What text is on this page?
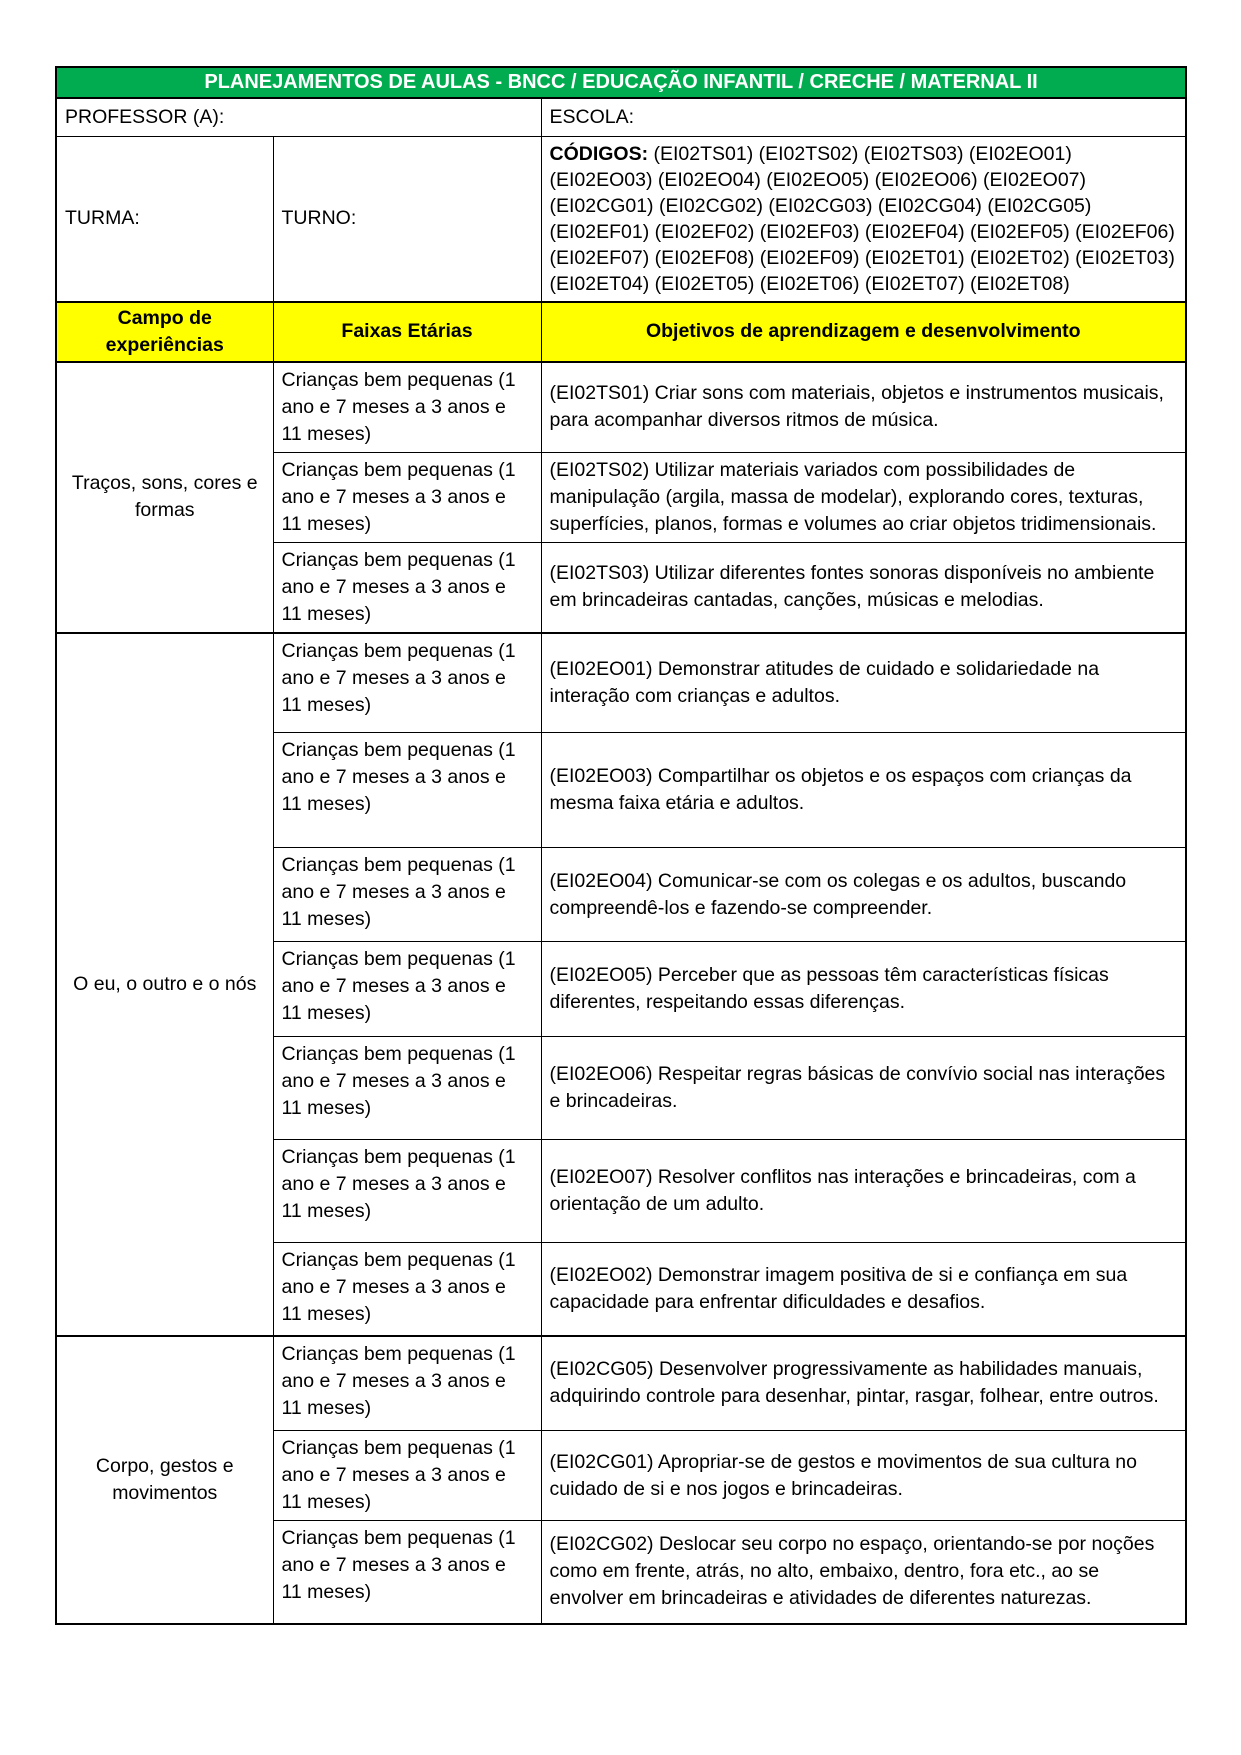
PLANEJAMENTOS DE AULAS - BNCC / EDUCAÇÃO INFANTIL / CRECHE / MATERNAL II		
PROFESSOR (A):		ESCOLA:
TURMA:	TURNO:	CÓDIGOS: (EI02TS01) (EI02TS02) (EI02TS03) (EI02EO01) (EI02EO03) (EI02EO04) (EI02EO05) (EI02EO06) (EI02EO07) (EI02CG01) (EI02CG02) (EI02CG03) (EI02CG04) (EI02CG05) (EI02EF01) (EI02EF02) (EI02EF03) (EI02EF04) (EI02EF05) (EI02EF06) (EI02EF07) (EI02EF08) (EI02EF09) (EI02ET01) (EI02ET02) (EI02ET03) (EI02ET04) (EI02ET05) (EI02ET06) (EI02ET07) (EI02ET08)
Campo de experiências	Faixas Etárias	Objetivos de aprendizagem e desenvolvimento
Traços, sons, cores e formas	Crianças bem pequenas (1 ano e 7 meses a 3 anos e 11 meses)	(EI02TS01) Criar sons com materiais, objetos e instrumentos musicais, para acompanhar diversos ritmos de música.
	Crianças bem pequenas (1 ano e 7 meses a 3 anos e 11 meses)	(EI02TS02) Utilizar materiais variados com possibilidades de manipulação (argila, massa de modelar), explorando cores, texturas, superfícies, planos, formas e volumes ao criar objetos tridimensionais.
	Crianças bem pequenas (1 ano e 7 meses a 3 anos e 11 meses)	(EI02TS03) Utilizar diferentes fontes sonoras disponíveis no ambiente em brincadeiras cantadas, canções, músicas e melodias.
O eu, o outro e o nós	Crianças bem pequenas (1 ano e 7 meses a 3 anos e 11 meses)	(EI02EO01) Demonstrar atitudes de cuidado e solidariedade na interação com crianças e adultos.
	Crianças bem pequenas (1 ano e 7 meses a 3 anos e 11 meses)	(EI02EO03) Compartilhar os objetos e os espaços com crianças da mesma faixa etária e adultos.
	Crianças bem pequenas (1 ano e 7 meses a 3 anos e 11 meses)	(EI02EO04) Comunicar-se com os colegas e os adultos, buscando compreendê-los e fazendo-se compreender.
	Crianças bem pequenas (1 ano e 7 meses a 3 anos e 11 meses)	(EI02EO05) Perceber que as pessoas têm características físicas diferentes, respeitando essas diferenças.
	Crianças bem pequenas (1 ano e 7 meses a 3 anos e 11 meses)	(EI02EO06) Respeitar regras básicas de convívio social nas interações e brincadeiras.
	Crianças bem pequenas (1 ano e 7 meses a 3 anos e 11 meses)	(EI02EO07) Resolver conflitos nas interações e brincadeiras, com a orientação de um adulto.
	Crianças bem pequenas (1 ano e 7 meses a 3 anos e 11 meses)	(EI02EO02) Demonstrar imagem positiva de si e confiança em sua capacidade para enfrentar dificuldades e desafios.
Corpo, gestos e movimentos	Crianças bem pequenas (1 ano e 7 meses a 3 anos e 11 meses)	(EI02CG05) Desenvolver progressivamente as habilidades manuais, adquirindo controle para desenhar, pintar, rasgar, folhear, entre outros.
	Crianças bem pequenas (1 ano e 7 meses a 3 anos e 11 meses)	(EI02CG01) Apropriar-se de gestos e movimentos de sua cultura no cuidado de si e nos jogos e brincadeiras.
	Crianças bem pequenas (1 ano e 7 meses a 3 anos e 11 meses)	(EI02CG02) Deslocar seu corpo no espaço, orientando-se por noções como em frente, atrás, no alto, embaixo, dentro, fora etc., ao se envolver em brincadeiras e atividades de diferentes naturezas.
